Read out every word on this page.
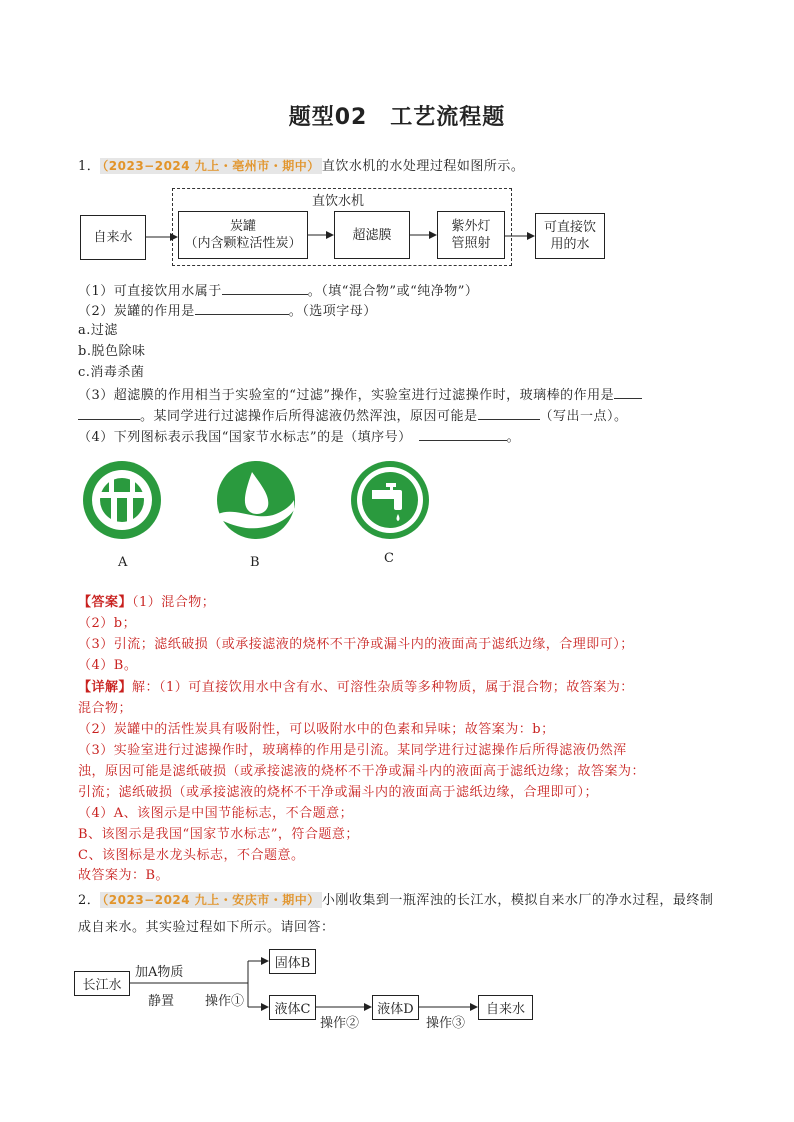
题型02　工艺流程题
1． （2023−2024 九上・亳州市・期中） 直饮水机的水处理过程如图所示。
直饮水机
自来水
炭罐
（内含颗粒活性炭）
超滤膜
紫外灯
管照射
可直接饮
用的水
（1）可直接饮用水属于	。（填“混合物”或“纯净物”）
（2）炭罐的作用是	。（选项字母）
a.过滤
b.脱色除味
c.消毒杀菌
（3）超滤膜的作用相当于实验室的“过滤”操作，实验室进行过滤操作时，玻璃棒的作用是
。某同学进行过滤操作后所得滤液仍然浑浊，原因可能是	（写出一点）。
（4）下列图标表示我国“国家节水标志”的是（填序号）　	。
A	B	C
【答案】（1）混合物；
（2）b；
（3）引流；滤纸破损（或承接滤液的烧杯不干净或漏斗内的液面高于滤纸边缘，合理即可）；
（4）B。
【详解】解：（1）可直接饮用水中含有水、可溶性杂质等多种物质，属于混合物；故答案为：
混合物；
（2）炭罐中的活性炭具有吸附性，可以吸附水中的色素和异味；故答案为：b；
（3）实验室进行过滤操作时，玻璃棒的作用是引流。某同学进行过滤操作后所得滤液仍然浑
浊，原因可能是滤纸破损（或承接滤液的烧杯不干净或漏斗内的液面高于滤纸边缘；故答案为：
引流；滤纸破损（或承接滤液的烧杯不干净或漏斗内的液面高于滤纸边缘，合理即可）；
（4）A、该图示是中国节能标志，不合题意；
B、该图示是我国“国家节水标志”，符合题意；
C、该图标是水龙头标志，不合题意。
故答案为：B。
2． （2023−2024 九上・安庆市・期中） 小刚收集到一瓶浑浊的长江水，模拟自来水厂的净水过程，最终制
成自来水。其实验过程如下所示。请回答：
长江水
加A物质
静置 操作①
固体B
液体C
操作②
液体D
操作③
自来水
